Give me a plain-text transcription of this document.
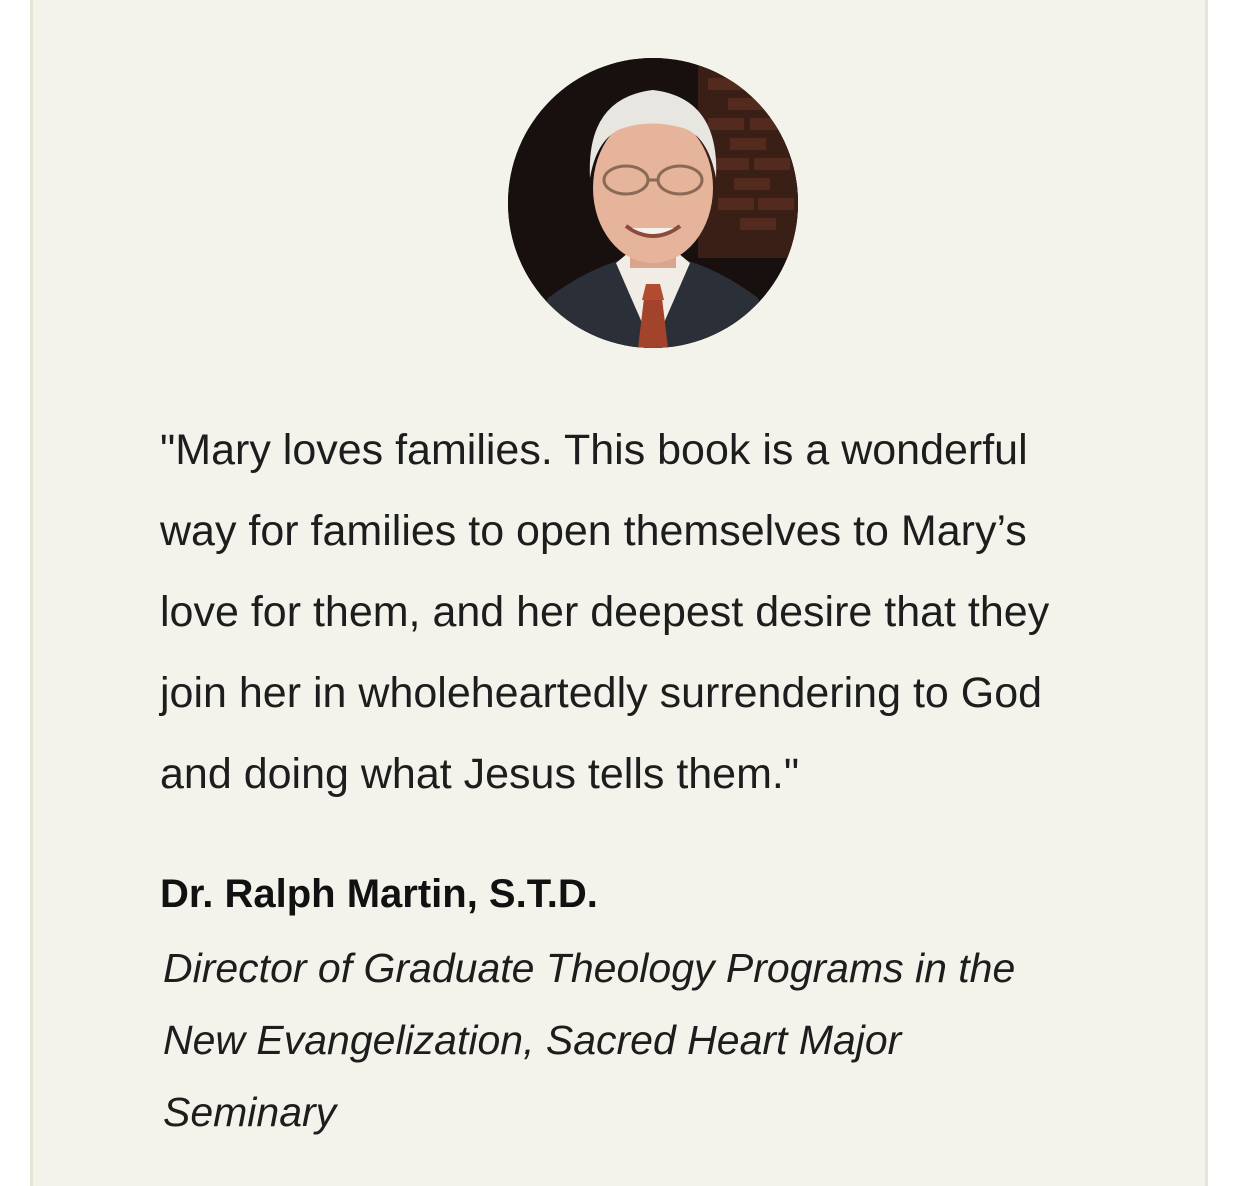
"Mary loves families. This book is a wonderful
way for families to open themselves to Mary’s
love for them, and her deepest desire that they
join her in wholeheartedly surrendering to God
and doing what Jesus tells them."

Dr. Ralph Martin, S.T.D.

Director of Graduate Theology Programs in the
New Evangelization, Sacred Heart Major
Seminary
